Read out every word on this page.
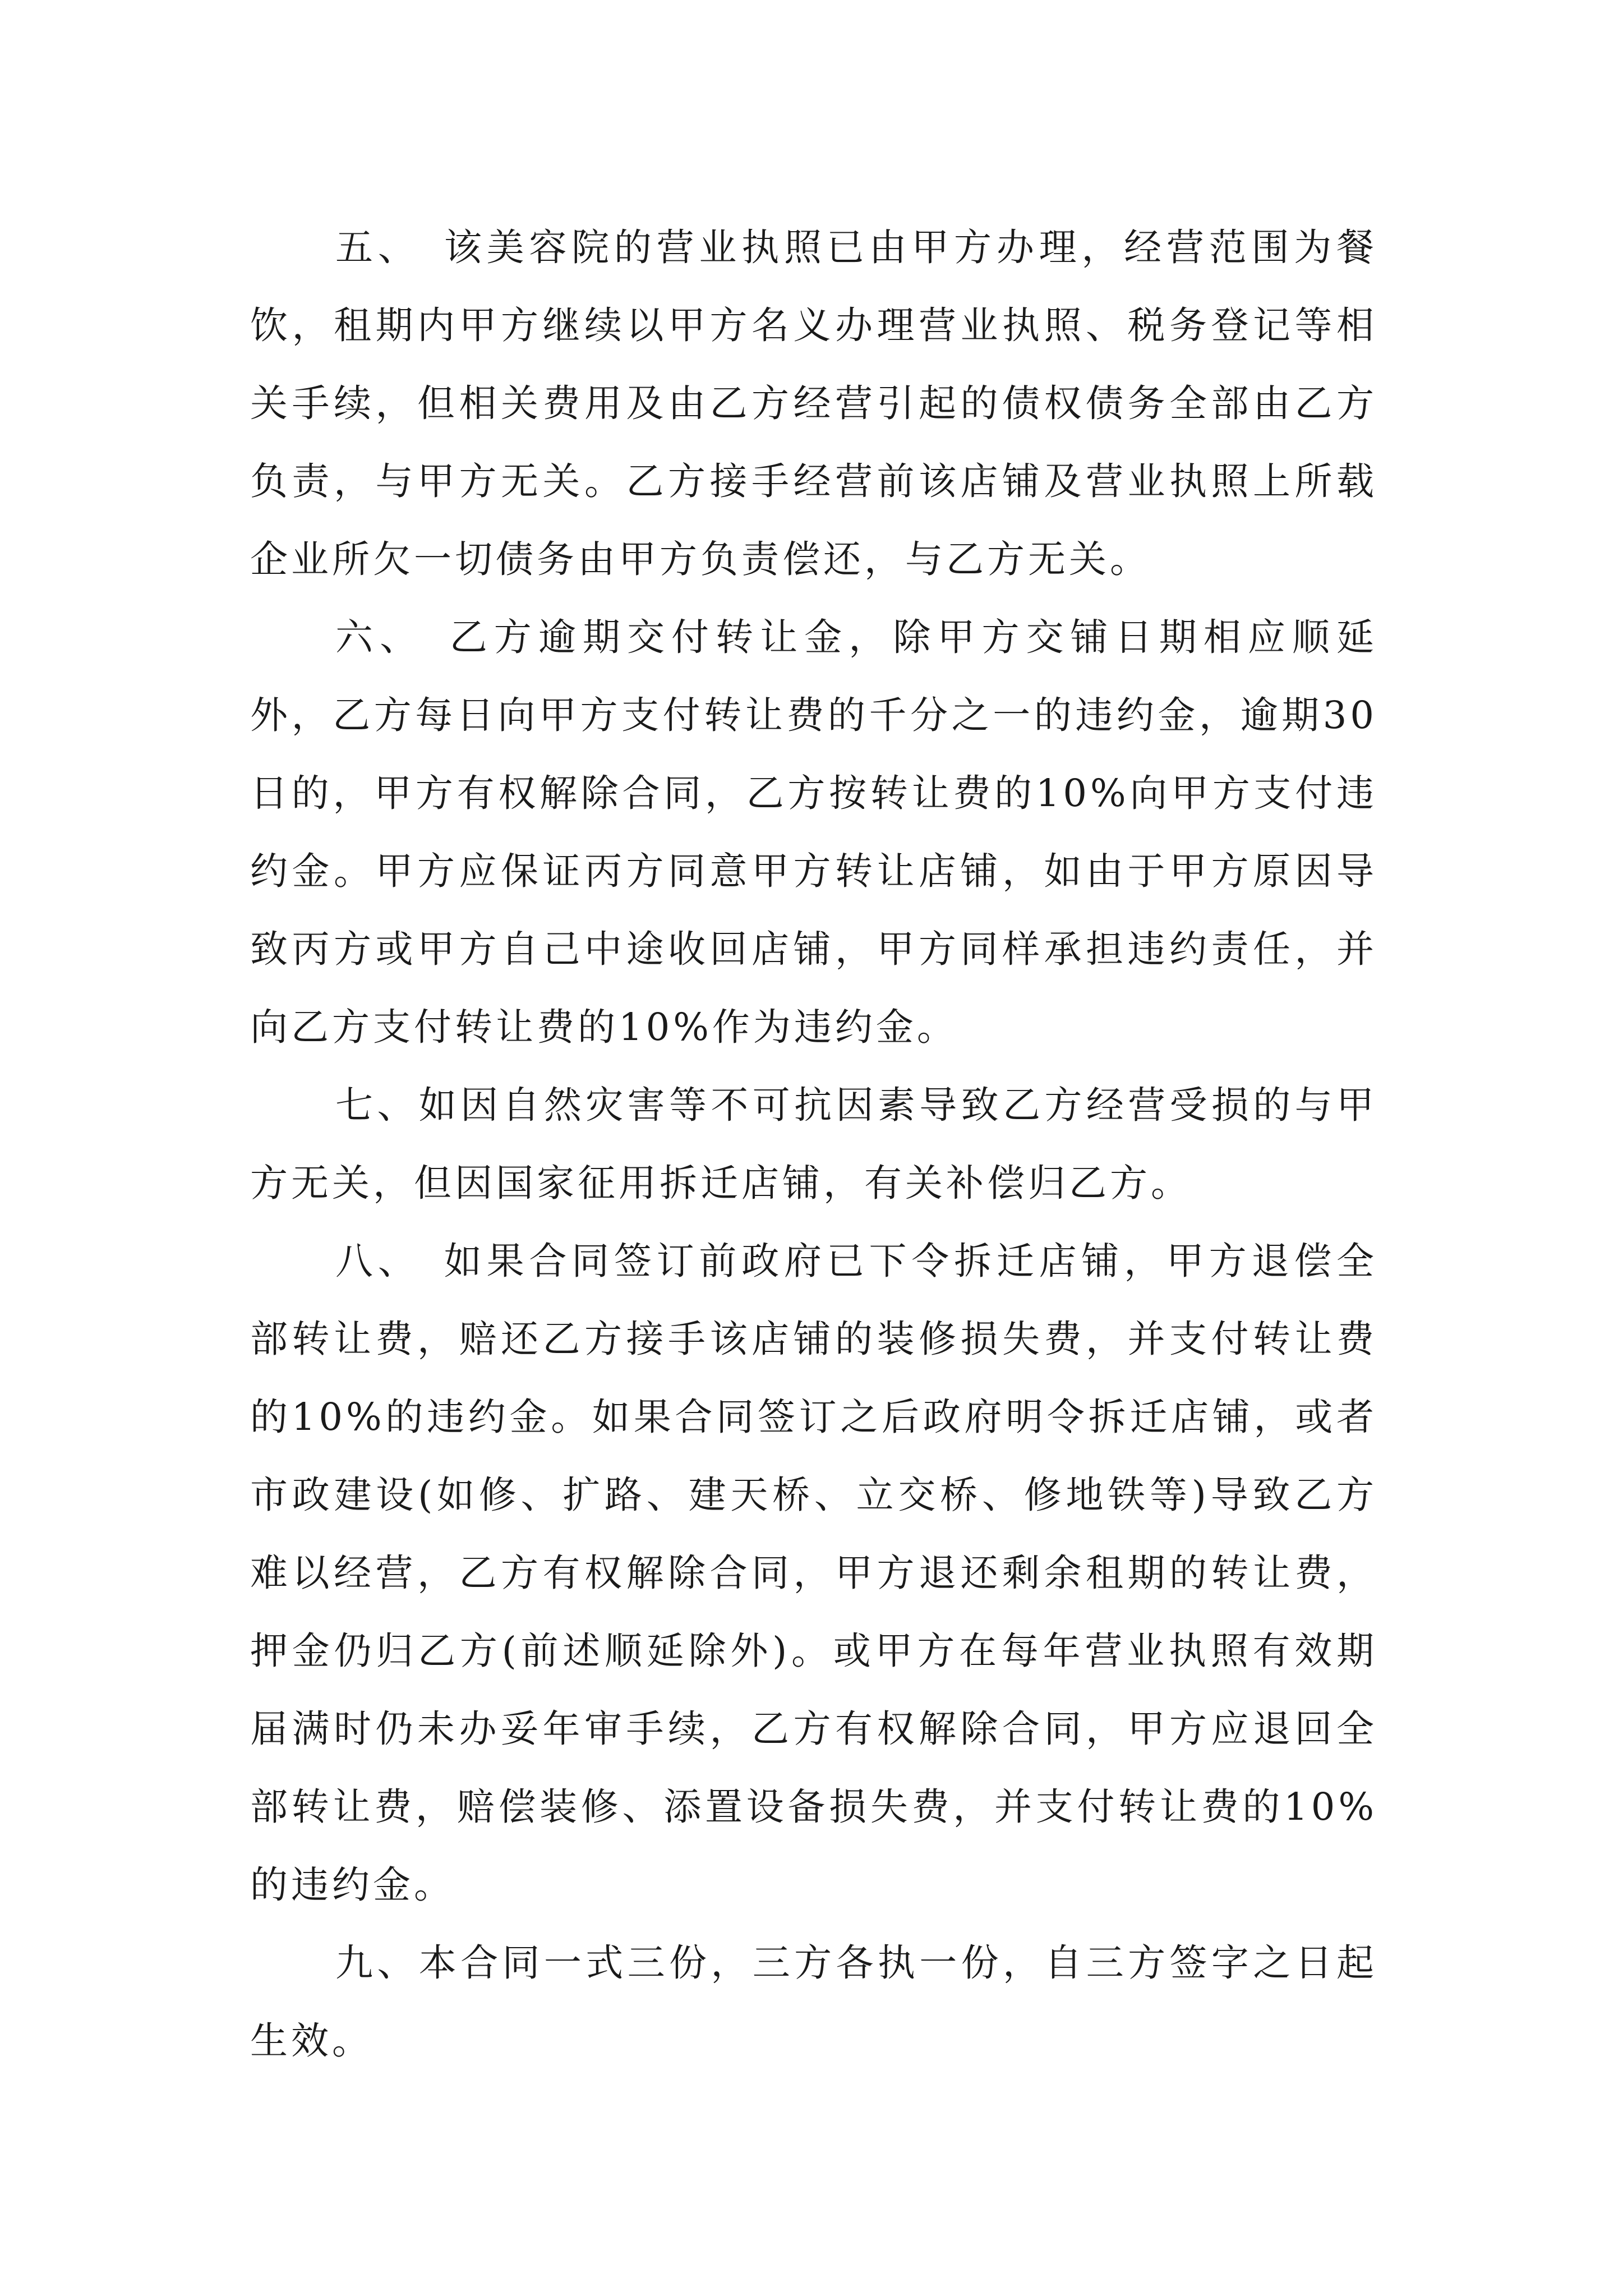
五、　该美容院的营业执照已由甲方办理，经营范围为餐饮，租期内甲方继续以甲方名义办理营业执照、税务登记等相关手续，但相关费用及由乙方经营引起的债权债务全部由乙方负责，与甲方无关。乙方接手经营前该店铺及营业执照上所载企业所欠一切债务由甲方负责偿还，与乙方无关。

六、　乙方逾期交付转让金，除甲方交铺日期相应顺延外，乙方每日向甲方支付转让费的千分之一的违约金，逾期30日的，甲方有权解除合同，乙方按转让费的10%向甲方支付违约金。甲方应保证丙方同意甲方转让店铺，如由于甲方原因导致丙方或甲方自己中途收回店铺，甲方同样承担违约责任，并向乙方支付转让费的10%作为违约金。

七、如因自然灾害等不可抗因素导致乙方经营受损的与甲方无关，但因国家征用拆迁店铺，有关补偿归乙方。

八、　如果合同签订前政府已下令拆迁店铺，甲方退偿全部转让费，赔还乙方接手该店铺的装修损失费，并支付转让费的10%的违约金。如果合同签订之后政府明令拆迁店铺，或者市政建设(如修、扩路、建天桥、立交桥、修地铁等)导致乙方难以经营，乙方有权解除合同，甲方退还剩余租期的转让费，押金仍归乙方(前述顺延除外)。或甲方在每年营业执照有效期届满时仍未办妥年审手续，乙方有权解除合同，甲方应退回全部转让费，赔偿装修、添置设备损失费，并支付转让费的10%的违约金。

九、本合同一式三份，三方各执一份，自三方签字之日起生效。
